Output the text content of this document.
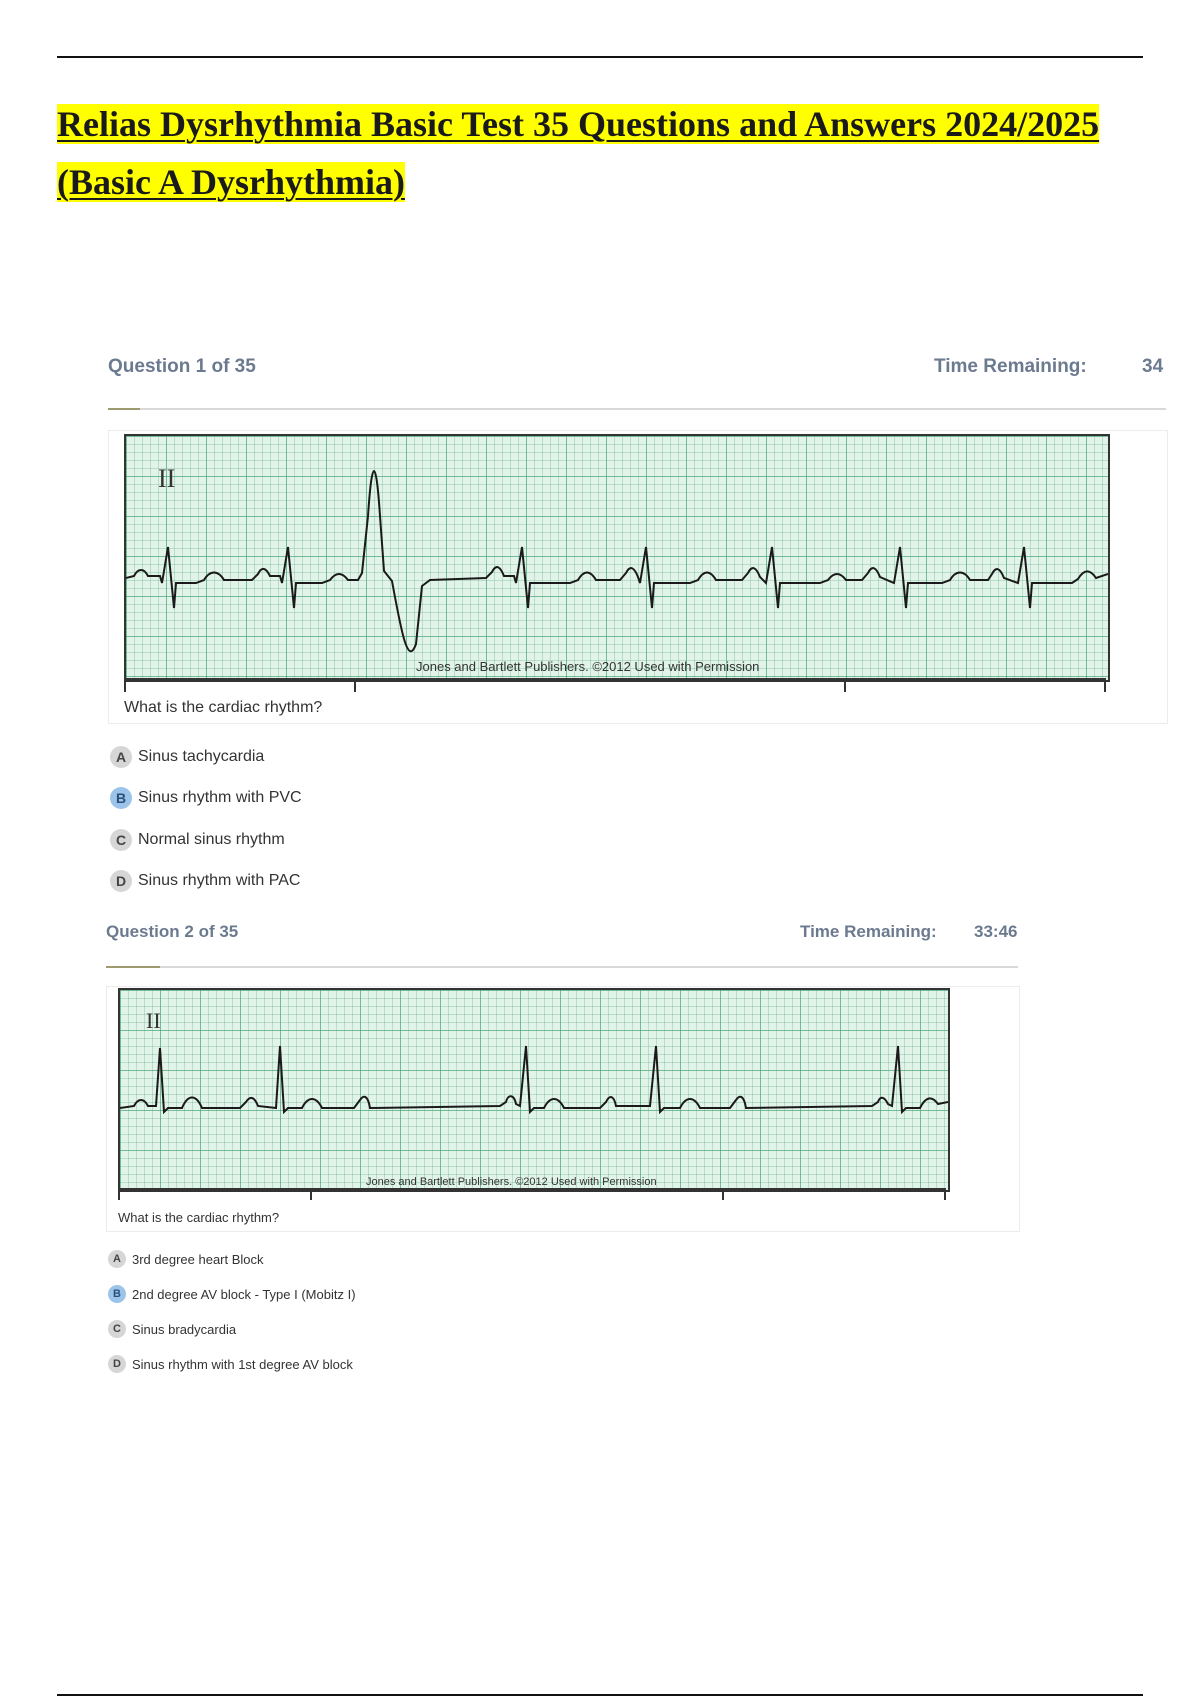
Relias Dysrhythmia Basic Test 35 Questions and Answers 2024/2025
(Basic A Dysrhythmia)
Question 1 of 35	Time Remaining:	34
II
Jones and Bartlett Publishers. ©2012 Used with Permission
What is the cardiac rhythm?
A Sinus tachycardia
B Sinus rhythm with PVC
C Normal sinus rhythm
D Sinus rhythm with PAC
Question 2 of 35	Time Remaining: 33:46
II
Jones and Bartlett Publishers. ©2012 Used with Permission
What is the cardiac rhythm?
A 3rd degree heart Block
B 2nd degree AV block - Type I (Mobitz I)
C Sinus bradycardia
D Sinus rhythm with 1st degree AV block
